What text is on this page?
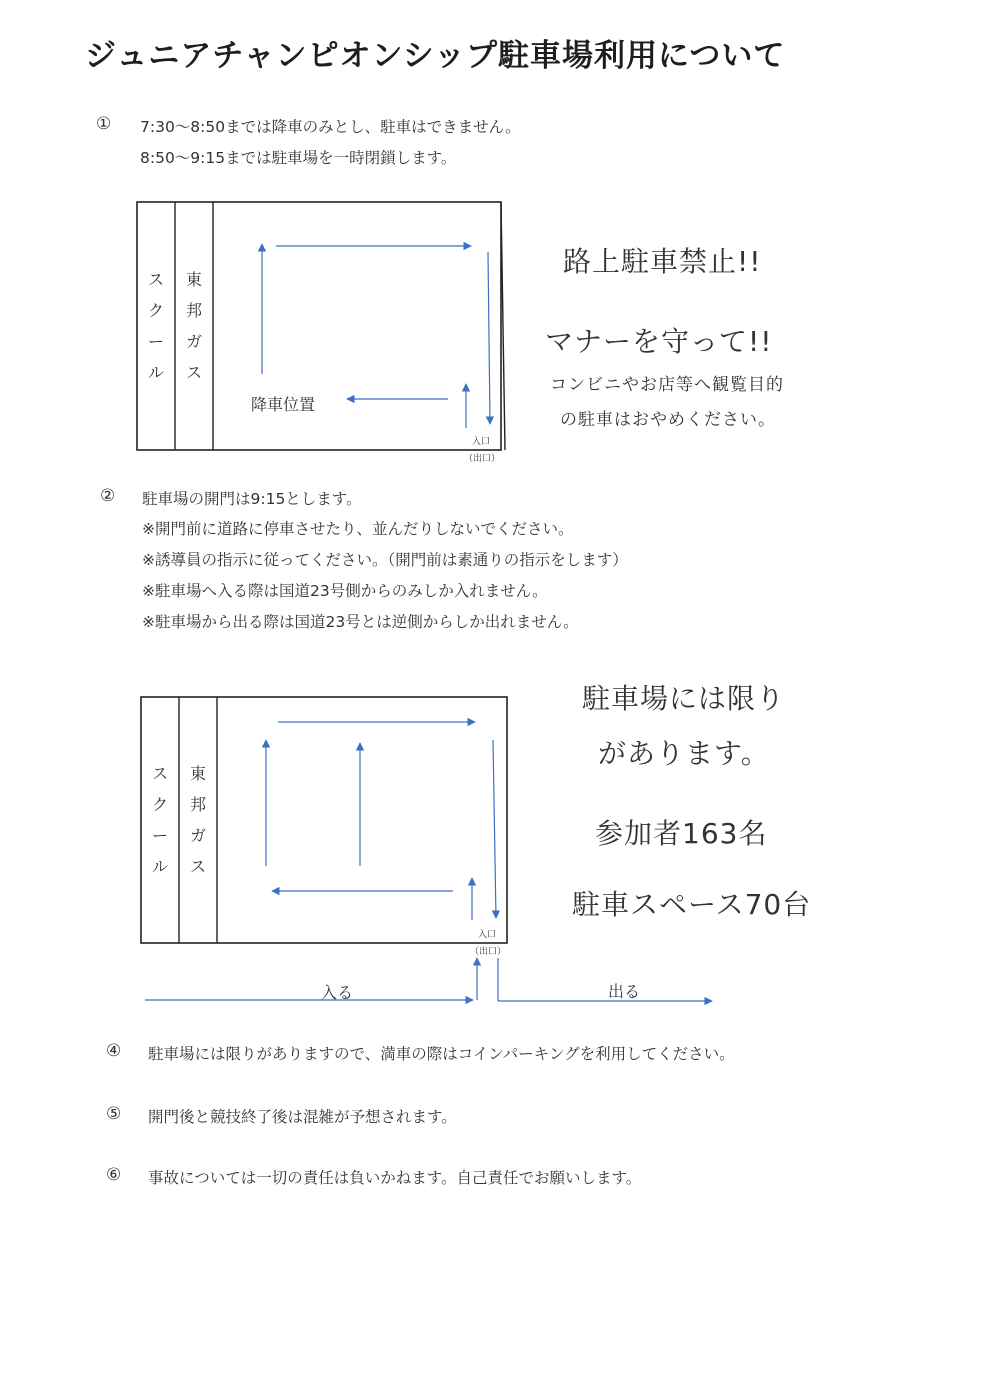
ジュニアチャンピオンシップ駐車場利用について
① 7:30～8:50までは降車のみとし、駐車はできません。
8:50～9:15までは駐車場を一時閉鎖します。
スクール
東邦ガス
降車位置
入口
（出口）
路上駐車禁止!!
マナーを守って!!
コンビニやお店等へ観覧目的
の駐車はおやめください。
② 駐車場の開門は9:15とします。
※開門前に道路に停車させたり、並んだりしないでください。
※誘導員の指示に従ってください。（開門前は素通りの指示をします）
※駐車場へ入る際は国道23号側からのみしか入れません。
※駐車場から出る際は国道23号とは逆側からしか出れません。
駐車場には限り
があります。
参加者163名
駐車スペース70台
スクール
東邦ガス
入口
（出口）
入る	出る
④ 駐車場には限りがありますので、満車の際はコインパーキングを利用してください。
⑤ 開門後と競技終了後は混雑が予想されます。
⑥ 事故については一切の責任は負いかねます。自己責任でお願いします。
